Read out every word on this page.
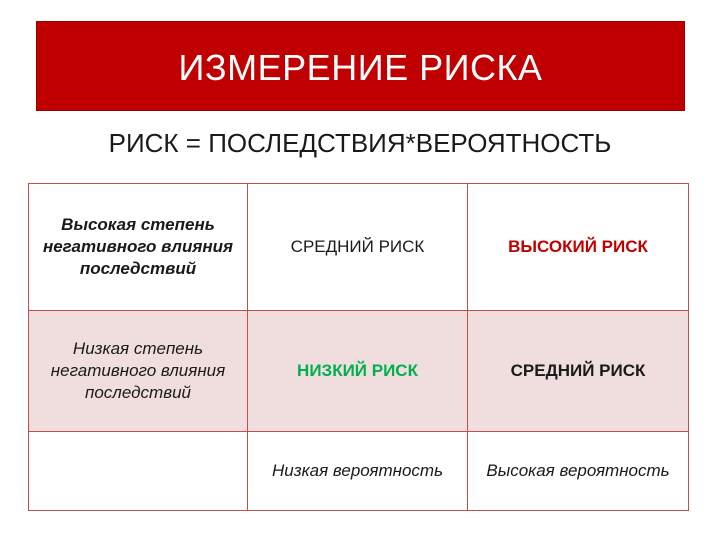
ИЗМЕРЕНИЕ РИСКА
РИСК = ПОСЛЕДСТВИЯ*ВЕРОЯТНОСТЬ
Высокая степень негативного влияния последствий	СРЕДНИЙ РИСК	ВЫСОКИЙ РИСК
Низкая степень негативного влияния последствий	НИЗКИЙ РИСК	СРЕДНИЙ РИСК
	Низкая вероятность	Высокая вероятность
